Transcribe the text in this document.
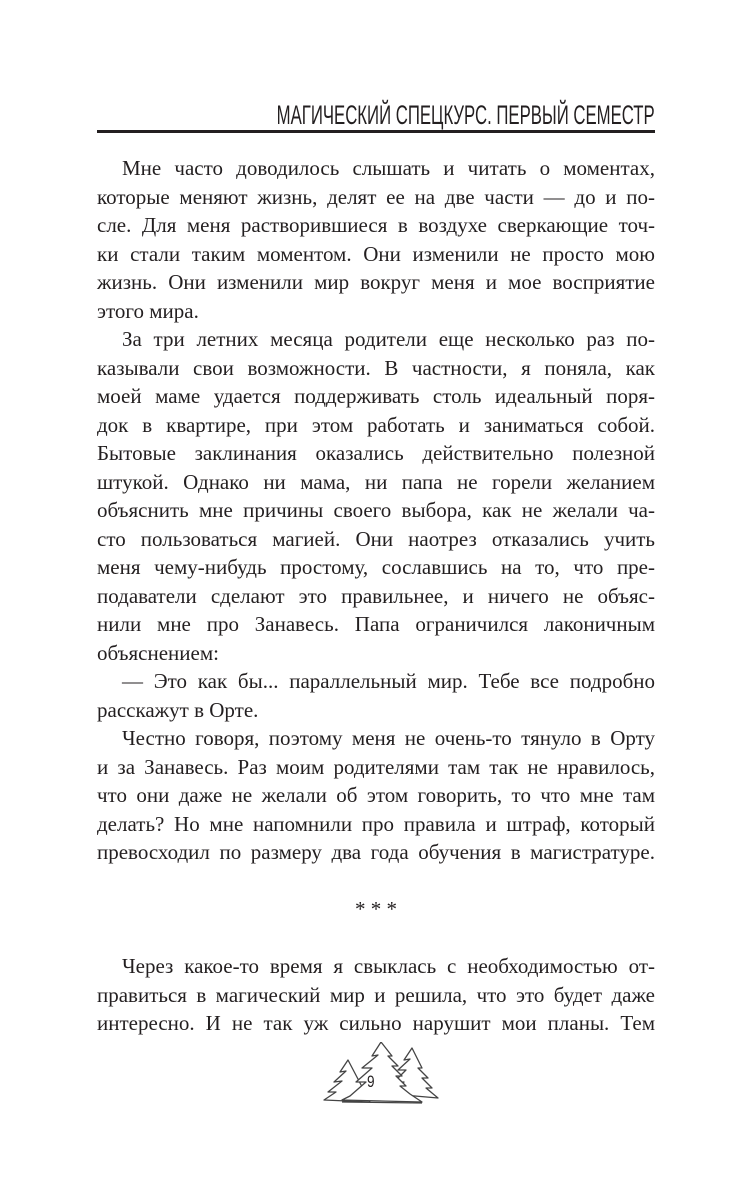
МАГИЧЕСКИЙ СПЕЦКУРС. ПЕРВЫЙ СЕМЕСТР
Мне часто доводилось слышать и читать о моментах,
которые меняют жизнь, делят ее на две части — до и по-
сле. Для меня растворившиеся в воздухе сверкающие точ-
ки стали таким моментом. Они изменили не просто мою
жизнь. Они изменили мир вокруг меня и мое восприятие
этого мира.
За три летних месяца родители еще несколько раз по-
казывали свои возможности. В частности, я поняла, как
моей маме удается поддерживать столь идеальный поря-
док в квартире, при этом работать и заниматься собой.
Бытовые заклинания оказались действительно полезной
штукой. Однако ни мама, ни папа не горели желанием
объяснить мне причины своего выбора, как не желали ча-
сто пользоваться магией. Они наотрез отказались учить
меня чему-нибудь простому, сославшись на то, что пре-
подаватели сделают это правильнее, и ничего не объяс-
нили мне про Занавесь. Папа ограничился лаконичным
объяснением:
— Это как бы... параллельный мир. Тебе все подробно
расскажут в Орте.
Честно говоря, поэтому меня не очень-то тянуло в Орту
и за Занавесь. Раз моим родителями там так не нравилось,
что они даже не желали об этом говорить, то что мне там
делать? Но мне напомнили про правила и штраф, который
превосходил по размеру два года обучения в магистратуре.
* * *
Через какое-то время я свыклась с необходимостью от-
правиться в магический мир и решила, что это будет даже
интересно. И не так уж сильно нарушит мои планы. Тем
9
